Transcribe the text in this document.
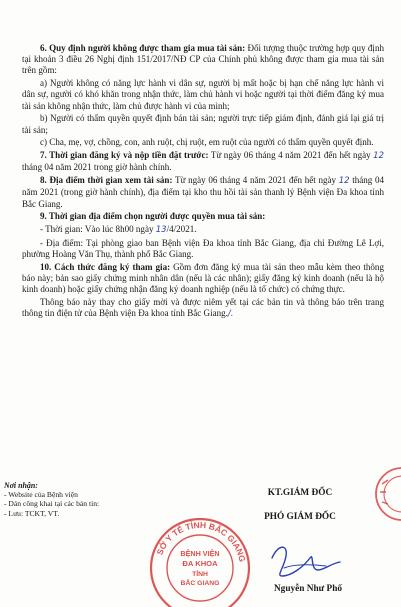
6. Quy định người không được tham gia mua tài sản: Đối tượng thuộc trường hợp quy định tại khoản 3 điều 26 Nghị định 151/2017/NĐ CP của Chính phủ không được tham gia mua tài sản trên gồm:

a) Người không có năng lực hành vi dân sự, người bị mất hoặc bị hạn chế năng lực hành vi dân sự, người có khó khăn trong nhận thức, làm chủ hành vi hoặc người tại thời điểm đăng ký mua tài sản không nhận thức, làm chủ được hành vi của mình;

b) Người có thẩm quyền quyết định bán tài sản; người trực tiếp giám định, đánh giá lại giá trị tài sản;

c) Cha, mẹ, vợ, chồng, con, anh ruột, chị ruột, em ruột của người có thẩm quyền quyết định.

7. Thời gian đăng ký và nộp tiền đặt trước: Từ ngày 06 tháng 4 năm 2021 đến hết ngày 12 tháng 04 năm 2021 trong giờ hành chính.

8. Địa điểm thời gian xem tài sản: Từ ngày 06 tháng 4 năm 2021 đến hết ngày 12 tháng 04 năm 2021 (trong giờ hành chính), địa điểm tại kho thu hồi tài sản thanh lý Bệnh viện Đa khoa tỉnh Bắc Giang.

9. Thời gian địa điểm chọn người được quyền mua tài sản:

- Thời gian: Vào lúc 8h00 ngày 13/4/2021.

- Địa điểm: Tại phòng giao ban Bệnh viện Đa khoa tỉnh Bắc Giang, địa chỉ Đường Lê Lợi, phường Hoàng Văn Thụ, thành phố Bắc Giang.

10. Cách thức đăng ký tham gia: Gồm đơn đăng ký mua tài sản theo mẫu kèm theo thông báo này; bản sao giấy chứng minh nhân dân (nếu là các nhân); giấy đăng ký kinh doanh (nếu là hộ kinh doanh) hoặc giấy chứng nhận đăng ký doanh nghiệp (nếu là tổ chức) có chứng thực.

Thông báo này thay cho giấy mời và được niêm yết tại các bản tin và thông báo trên trang thông tin điện tử của Bệnh viện Đa khoa tỉnh Bắc Giang./.

Nơi nhận:
- Website của Bệnh viện
- Dán công khai tại các bản tin:
- Lưu: TCKT, VT.
KT.GIÁM ĐỐC
PHÓ GIÁM ĐỐC
SỞ Y TẾ TỈNH BẮC GIANG
BỆNH VIỆN
ĐA KHOA
TỈNH
BẮC GIANG
Nguyễn Như Phổ
